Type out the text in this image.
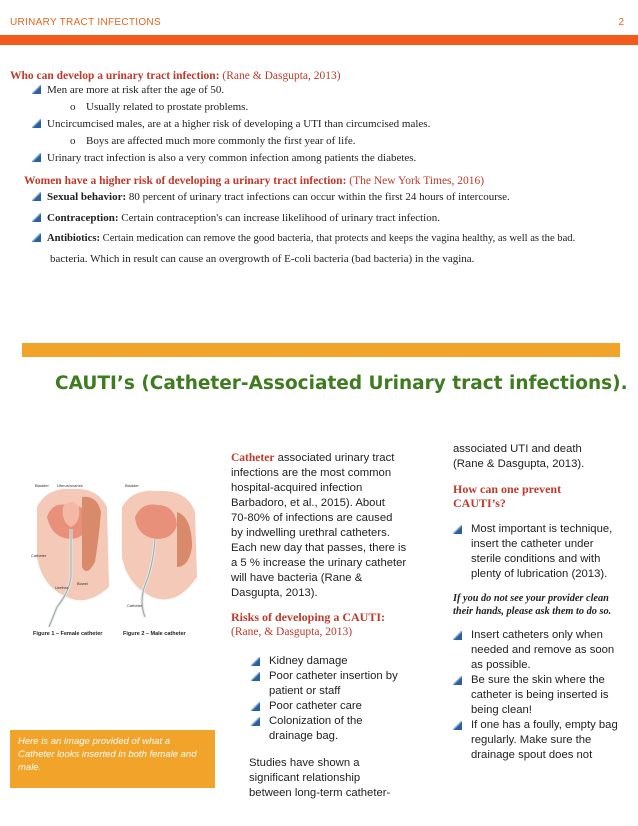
URINARY TRACT INFECTIONS	2
Who can develop a urinary tract infection: (Rane & Dasgupta, 2013)
Men are more at risk after the age of 50.
o Usually related to prostate problems.
Uncircumcised males, are at a higher risk of developing a UTI than circumcised males.
o Boys are affected much more commonly the first year of life.
Urinary tract infection is also a very common infection among patients the diabetes.
Women have a higher risk of developing a urinary tract infection: (The New York Times, 2016)
Sexual behavior: 80 percent of urinary tract infections can occur within the first 24 hours of intercourse.
Contraception: Certain contraception's can increase likelihood of urinary tract infection.
Antibiotics: Certain medication can remove the good bacteria, that protects and keeps the vagina healthy, as well as the bad.
bacteria. Which in result can cause an overgrowth of E-coli bacteria (bad bacteria) in the vagina.
CAUTI’s (Catheter-Associated Urinary tract infections).
Bladder Uterus/ovaries
Catheter
Urethra
Bowel
Bladder
Catheter
Figure 1 – Female catheter	Figure 2 – Male catheter
Catheter associated urinary tract
infections are the most common
hospital-acquired infection
Barbadoro, et al., 2015). About
70-80% of infections are caused
by indwelling urethral catheters.
Each new day that passes, there is
a 5 % increase the urinary catheter
will have bacteria (Rane &
Dasgupta, 2013).
Risks of developing a CAUTI:
(Rane, & Dasgupta, 2013)
Kidney damage
Poor catheter insertion by patient or staff
Poor catheter care
Colonization of the drainage bag.
Studies have shown a
significant relationship
between long-term catheter-
associated UTI and death
(Rane & Dasgupta, 2013).
How can one prevent
CAUTI’s?
Most important is technique, insert the catheter under sterile conditions and with plenty of lubrication (2013).
If you do not see your provider clean their hands, please ask them to do so.
Insert catheters only when needed and remove as soon as possible.
Be sure the skin where the catheter is being inserted is being clean!
If one has a foully, empty bag regularly. Make sure the drainage spout does not
Here is an image provided of what a Catheter looks inserted in both female and male.
